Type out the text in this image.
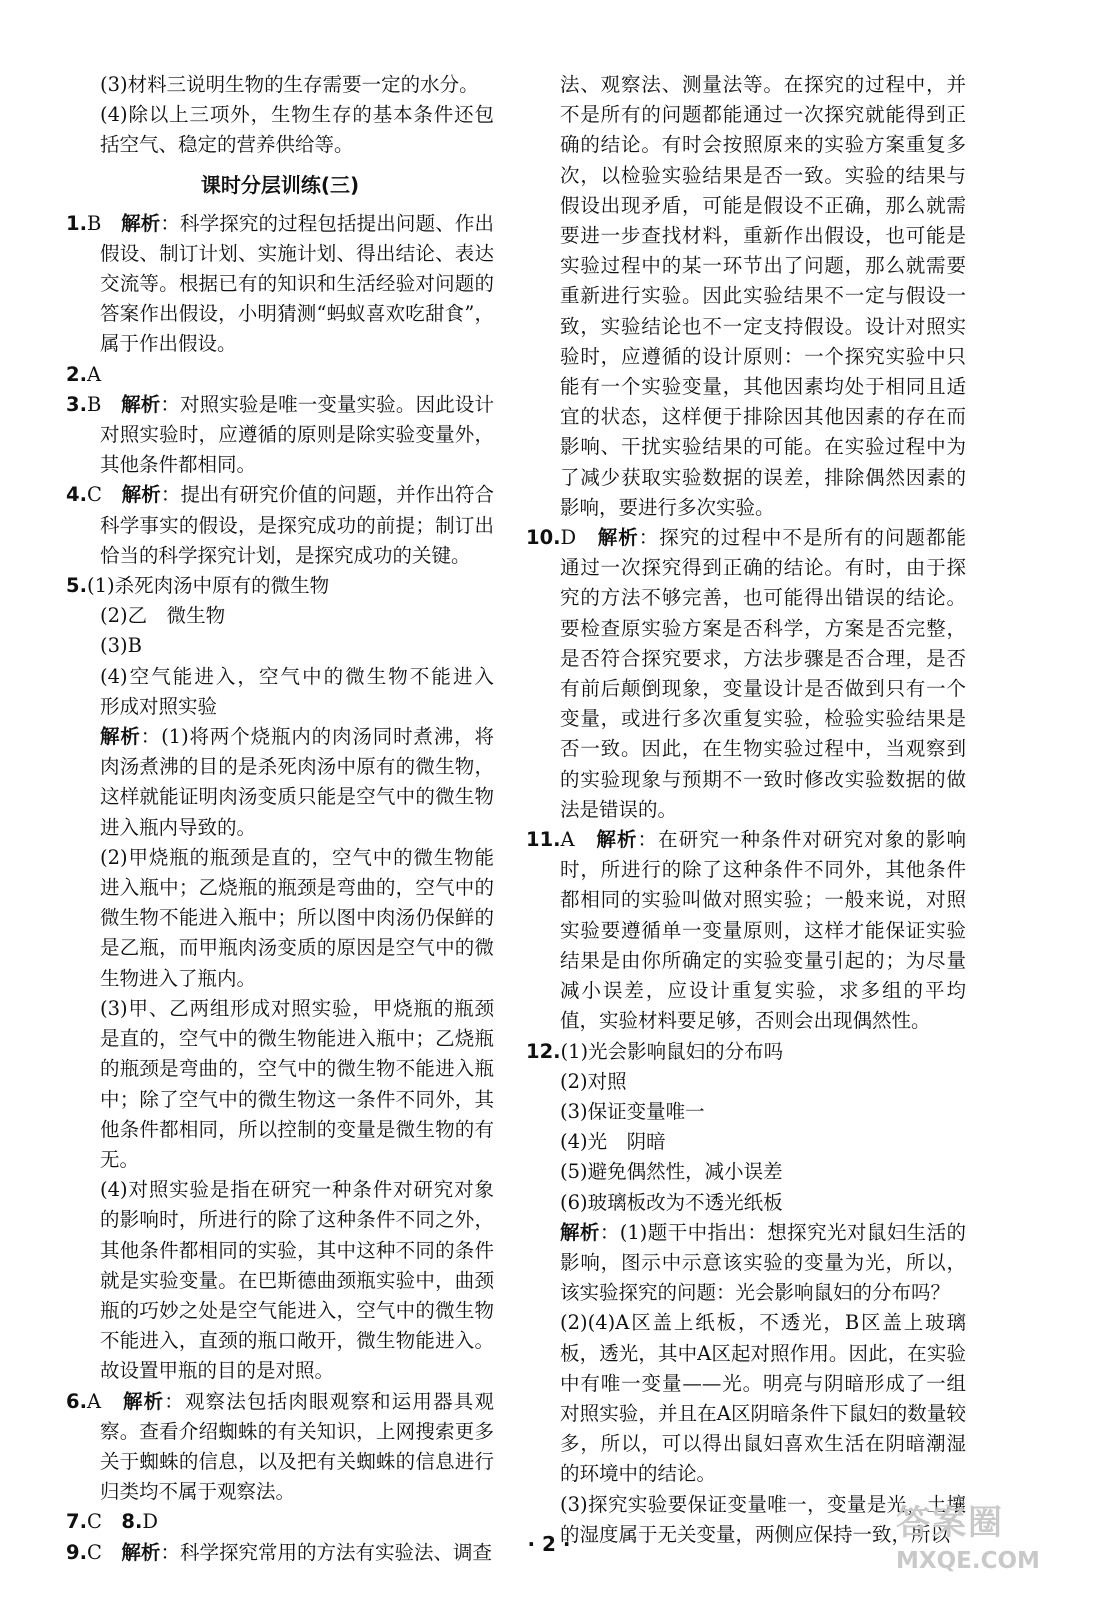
(3)材料三说明生物的生存需要一定的水分。

(4)除以上三项外，生物生存的基本条件还包括空气、稳定的营养供给等。

课时分层训练(三)

1.B　 解析：科学探究的过程包括提出问题、作出假设、制订计划、实施计划、得出结论、表达交流等。根据已有的知识和生活经验对问题的答案作出假设，小明猜测“蚂蚁喜欢吃甜食”，属于作出假设。

2.A

3.B　 解析：对照实验是唯一变量实验。因此设计对照实验时，应遵循的原则是除实验变量外，其他条件都相同。

4.C　 解析：提出有研究价值的问题，并作出符合科学事实的假设，是探究成功的前提；制订出恰当的科学探究计划，是探究成功的关键。

5.(1)杀死肉汤中原有的微生物

(2)乙　微生物

(3)B

(4)空气能进入，空气中的微生物不能进入　形成对照实验

解析：(1)将两个烧瓶内的肉汤同时煮沸，将肉汤煮沸的目的是杀死肉汤中原有的微生物，这样就能证明肉汤变质只能是空气中的微生物进入瓶内导致的。

(2)甲烧瓶的瓶颈是直的，空气中的微生物能进入瓶中；乙烧瓶的瓶颈是弯曲的，空气中的微生物不能进入瓶中；所以图中肉汤仍保鲜的是乙瓶，而甲瓶肉汤变质的原因是空气中的微生物进入了瓶内。

(3)甲、乙两组形成对照实验，甲烧瓶的瓶颈是直的，空气中的微生物能进入瓶中；乙烧瓶的瓶颈是弯曲的，空气中的微生物不能进入瓶中；除了空气中的微生物这一条件不同外，其他条件都相同，所以控制的变量是微生物的有无。

(4)对照实验是指在研究一种条件对研究对象的影响时，所进行的除了这种条件不同之外，其他条件都相同的实验，其中这种不同的条件就是实验变量。在巴斯德曲颈瓶实验中，曲颈瓶的巧妙之处是空气能进入，空气中的微生物不能进入，直颈的瓶口敞开，微生物能进入。故设置甲瓶的目的是对照。

6.A　 解析：观察法包括肉眼观察和运用器具观察。查看介绍蜘蛛的有关知识，上网搜索更多关于蜘蛛的信息，以及把有关蜘蛛的信息进行归类均不属于观察法。

7.C　 8.D

9.C　 解析：科学探究常用的方法有实验法、调查

法、观察法、测量法等。在探究的过程中，并不是所有的问题都能通过一次探究就能得到正确的结论。有时会按照原来的实验方案重复多次，以检验实验结果是否一致。实验的结果与假设出现矛盾，可能是假设不正确，那么就需要进一步查找材料，重新作出假设，也可能是实验过程中的某一环节出了问题，那么就需要重新进行实验。因此实验结果不一定与假设一致，实验结论也不一定支持假设。设计对照实验时，应遵循的设计原则：一个探究实验中只能有一个实验变量，其他因素均处于相同且适宜的状态，这样便于排除因其他因素的存在而影响、干扰实验结果的可能。在实验过程中为了减少获取实验数据的误差，排除偶然因素的影响，要进行多次实验。

10.D　 解析：探究的过程中不是所有的问题都能通过一次探究得到正确的结论。有时，由于探究的方法不够完善，也可能得出错误的结论。要检查原实验方案是否科学，方案是否完整，是否符合探究要求，方法步骤是否合理，是否有前后颠倒现象，变量设计是否做到只有一个变量，或进行多次重复实验，检验实验结果是否一致。因此，在生物实验过程中，当观察到的实验现象与预期不一致时修改实验数据的做法是错误的。

11.A　 解析：在研究一种条件对研究对象的影响时，所进行的除了这种条件不同外，其他条件都相同的实验叫做对照实验；一般来说，对照实验要遵循单一变量原则，这样才能保证实验结果是由你所确定的实验变量引起的；为尽量减小误差，应设计重复实验，求多组的平均值，实验材料要足够，否则会出现偶然性。

12.(1)光会影响鼠妇的分布吗

(2)对照

(3)保证变量唯一

(4)光　阴暗

(5)避免偶然性，减小误差

(6)玻璃板改为不透光纸板

解析：(1)题干中指出：想探究光对鼠妇生活的影响，图示中示意该实验的变量为光，所以，该实验探究的问题：光会影响鼠妇的分布吗？

(2)(4)A区盖上纸板，不透光，B区盖上玻璃板，透光，其中A区起对照作用。因此，在实验中有唯一变量——光。明亮与阴暗形成了一组对照实验，并且在A区阴暗条件下鼠妇的数量较多，所以，可以得出鼠妇喜欢生活在阴暗潮湿的环境中的结论。

(3)探究实验要保证变量唯一，变量是光，土壤的湿度属于无关变量，两侧应保持一致，所以

· 2 ·
答案圈
MXQE.COM
